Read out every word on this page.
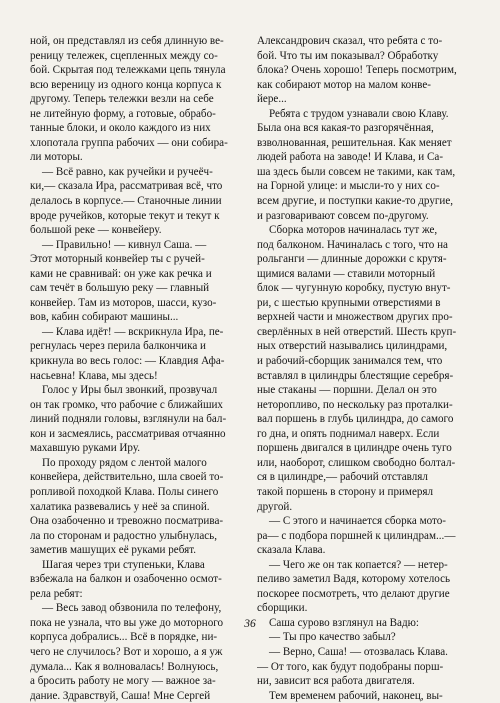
ной, он представлял из себя длинную ве-
реницу тележек, сцепленных между со-
бой. Скрытая под тележками цепь тянула
всю вереницу из одного конца корпуса к
другому. Теперь тележки везли на себе
не литейную форму, а готовые, обрабо-
танные блоки, и около каждого из них
хлопотала группа рабочих — они собира-
ли моторы.
— Всё равно, как ручейки и ручеёч-
ки,— сказала Ира, рассматривая всё, что
делалось в корпусе.— Станочные линии
вроде ручейков, которые текут и текут к
большой реке — конвейеру.
— Правильно! — кивнул Саша. —
Этот моторный конвейер ты с ручей-
ками не сравнивай: он уже как речка и
сам течёт в большую реку — главный
конвейер. Там из моторов, шасси, кузо-
вов, кабин собирают машины...
— Клава идёт! — вскрикнула Ира, пе-
регнулась через перила балкончика и
крикнула во весь голос: — Клавдия Афа-
насьевна! Клава, мы здесь!
Голос у Иры был звонкий, прозвучал
он так громко, что рабочие с ближайших
линий подняли головы, взглянули на бал-
кон и засмеялись, рассматривая отчаянно
махавшую руками Иру.
По проходу рядом с лентой малого
конвейера, действительно, шла своей то-
ропливой походкой Клава. Полы синего
халатика развевались у неё за спиной.
Она озабоченно и тревожно посматрива-
ла по сторонам и радостно улыбнулась,
заметив машущих её руками ребят.
Шагая через три ступеньки, Клава
взбежала на балкон и озабоченно осмот-
рела ребят:
— Весь завод обзвонила по телефону,
пока не узнала, что вы уже до моторного
корпуса добрались... Всё в порядке, ни-
чего не случилось? Вот и хорошо, а я уж
думала... Как я волновалась! Волнуюсь,
а бросить работу не могу — важное за-
дание. Здравствуй, Саша! Мне Сергей
Александрович сказал, что ребята с то-
бой. Что ты им показывал? Обработку
блока? Очень хорошо! Теперь посмотрим,
как собирают мотор на малом конве-
йере...
Ребята с трудом узнавали свою Клаву.
Была она вся какая-то разгорячённая,
взволнованная, решительная. Как меняет
людей работа на заводе! И Клава, и Са-
ша здесь были совсем не такими, как там,
на Горной улице: и мысли-то у них со-
всем другие, и поступки какие-то другие,
и разговаривают совсем по-другому.
Сборка моторов начиналась тут же,
под балконом. Начиналась с того, что на
рольганги — длинные дорожки с крутя-
щимися валами — ставили моторный
блок — чугунную коробку, пустую внут-
ри, с шестью крупными отверстиями в
верхней части и множеством других про-
сверлённых в ней отверстий. Шесть круп-
ных отверстий назывались цилиндрами,
и рабочий-сборщик занимался тем, что
вставлял в цилиндры блестящие серебря-
ные стаканы — поршни. Делал он это
неторопливо, по нескольку раз проталки-
вал поршень в глубь цилиндра, до самого
го дна, и опять поднимал наверх. Если
поршень двигался в цилиндре очень туго
или, наоборот, слишком свободно болтал-
ся в цилиндре,— рабочий отставлял
такой поршень в сторону и примерял
другой.
— С этого и начинается сборка мото-
ра— с подбора поршней к цилиндрам...—
сказала Клава.
— Чего же он так копается? — нетер-
пеливо заметил Вадя, которому хотелось
поскорее посмотреть, что делают другие
сборщики.
Саша сурово взглянул на Вадю:
— Ты про качество забыл?
— Верно, Саша! — отозвалась Клава.
— От того, как будут подобраны порш-
ни, зависит вся работа двигателя.
Тем временем рабочий, наконец, вы-
36
